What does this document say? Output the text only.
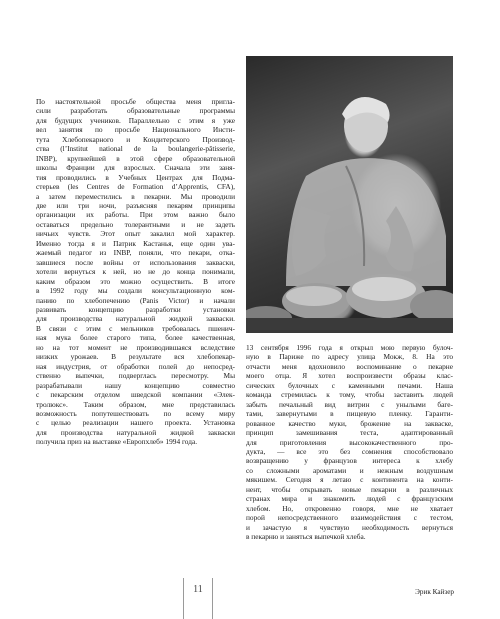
По настоятельной просьбе общества меня пригла-
сили разработать образовательные программы
для будущих учеников. Параллельно с этим я уже
вел занятия по просьбе Национального Инсти-
тута Хлебопекарного и Кондитерского Производ-
ства (l’Institut national de la boulangerie-pâtisserie,
INBP), крупнейшей в этой сфере образовательной
школы Франции для взрослых. Сначала эти заня-
тия проводились в Учебных Центрах для Подма-
стерьев (les Centres de Formation d’Apprentis, CFA),
а затем переместились в пекарни. Мы проводили
две или три ночи, разъясняя пекарям принципы
организации их работы. При этом важно было
оставаться предельно толерантными и не задеть
ничьих чувств. Этот опыт закалил мой характер.
Именно тогда я и Патрик Кастанья, еще один ува-
жаемый педагог из INBP, поняли, что пекари, отка-
завшиеся после войны от использования закваски,
хотели вернуться к ней, но не до конца понимали,
каким образом это можно осуществить. В итоге
в 1992 году мы создали консультационную ком-
панию по хлебопечению (Panis Victor) и начали
развивать концепцию разработки установки
для производства натуральной жидкой закваски.
В связи с этим с мельников требовалась пшенич-
ная мука более старого типа, более качественная,
но на тот момент не производившаяся вследствие
низких урожаев. В результате вся хлебопекар-
ная индустрия, от обработки полей до непосред-
ственно выпечки, подверглась пересмотру. Мы
разрабатывали нашу концепцию совместно
с пекарским отделом шведской компании «Элек-
тролюкс». Таким образом, мне представилась
возможность попутешествовать по всему миру
с целью реализации нашего проекта. Установка
для производства натуральной жидкой закваски
получила приз на выставке «Европхлеб» 1994 года.
13 сентября 1996 года я открыл мою первую булоч-
ную в Париже по адресу улица Мокж, 8. На это
отчасти меня вдохновило воспоминание о пекарне
моего отца. Я хотел воспроизвести образы клас-
сических булочных с каменными печами. Наша
команда стремилась к тому, чтобы заставить людей
забыть печальный вид витрин с унылыми баге-
тами, завернутыми в пищевую пленку. Гаранти-
рованное качество муки, брожение на закваске,
принцип замешивания теста, адаптированный
для приготовления высококачественного про-
дукта, — все это без сомнения способствовало
возвращению у французов интереса к хлебу
со сложными ароматами и нежным воздушным
мякишем. Сегодня я летаю с континента на конти-
нент, чтобы открывать новые пекарни в различных
странах мира и знакомить людей с французским
хлебом. Но, откровенно говоря, мне не хватает
порой непосредственного взаимодействия с тестом,
и зачастую я чувствую необходимость вернуться
в пекарню и заняться выпечкой хлеба.
11	Эрик Кайзер
